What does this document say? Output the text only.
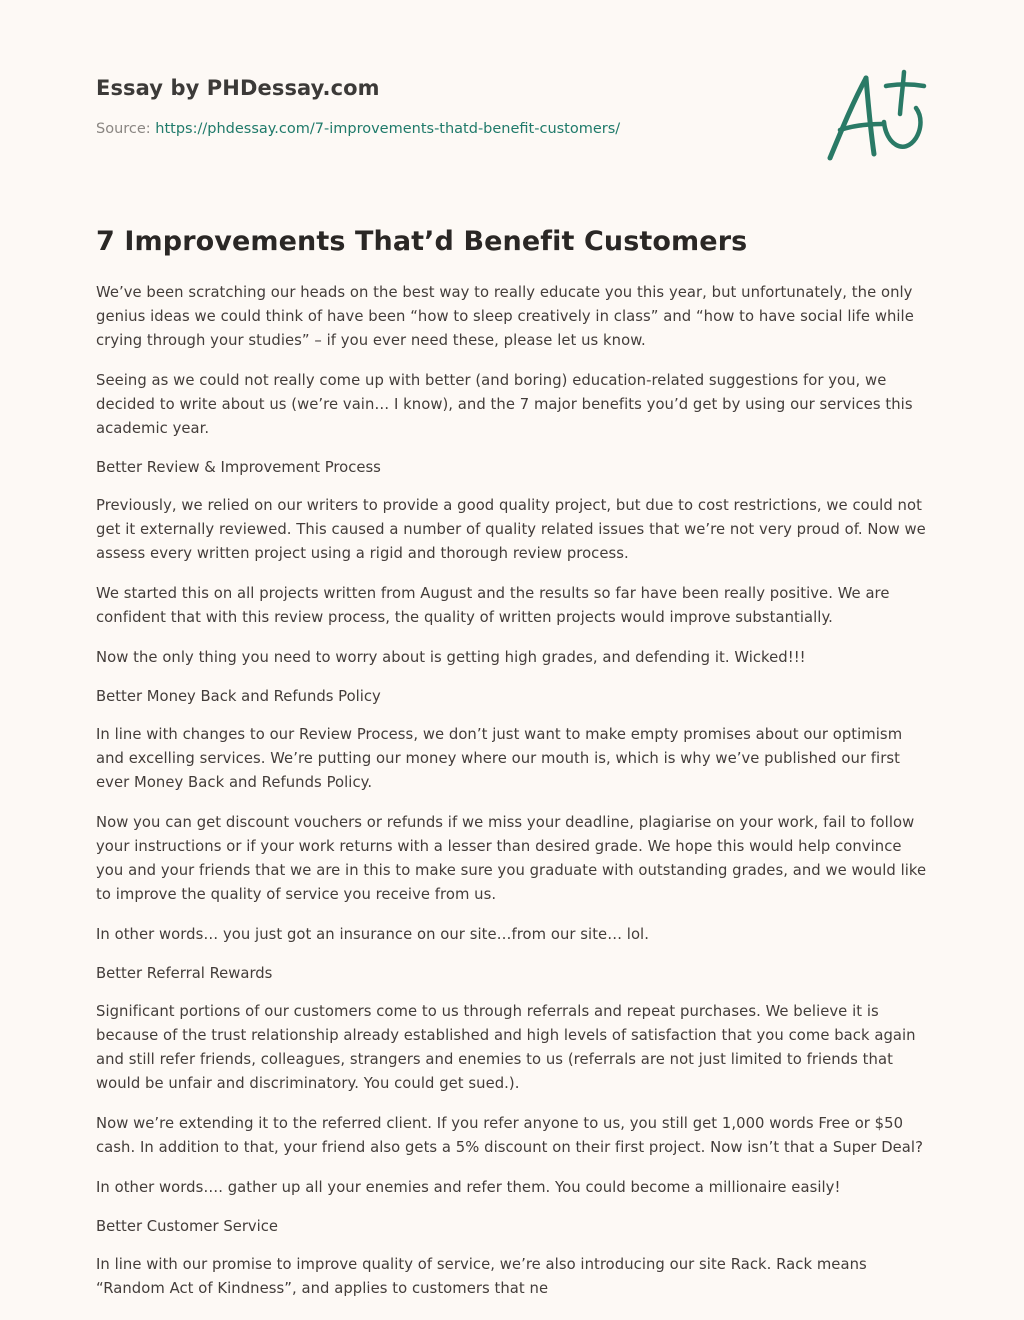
Essay by PHDessay.com
Source: https://phdessay.com/7-improvements-thatd-benefit-customers/
7 Improvements That’d Benefit Customers

We’ve been scratching our heads on the best way to really educate you this year, but unfortunately, the only genius ideas we could think of have been “how to sleep creatively in class” and “how to have social life while crying through your studies” – if you ever need these, please let us know.

Seeing as we could not really come up with better (and boring) education-related suggestions for you, we decided to write about us (we’re vain… I know), and the 7 major benefits you’d get by using our services this academic year.

Better Review & Improvement Process

Previously, we relied on our writers to provide a good quality project, but due to cost restrictions, we could not get it externally reviewed. This caused a number of quality related issues that we’re not very proud of. Now we assess every written project using a rigid and thorough review process.

We started this on all projects written from August and the results so far have been really positive. We are confident that with this review process, the quality of written projects would improve substantially.

Now the only thing you need to worry about is getting high grades, and defending it. Wicked!!!

Better Money Back and Refunds Policy

In line with changes to our Review Process, we don’t just want to make empty promises about our optimism and excelling services. We’re putting our money where our mouth is, which is why we’ve published our first ever Money Back and Refunds Policy.

Now you can get discount vouchers or refunds if we miss your deadline, plagiarise on your work, fail to follow your instructions or if your work returns with a lesser than desired grade. We hope this would help convince you and your friends that we are in this to make sure you graduate with outstanding grades, and we would like to improve the quality of service you receive from us.

In other words… you just got an insurance on our site…from our site… lol.

Better Referral Rewards

Significant portions of our customers come to us through referrals and repeat purchases. We believe it is because of the trust relationship already established and high levels of satisfaction that you come back again and still refer friends, colleagues, strangers and enemies to us (referrals are not just limited to friends that would be unfair and discriminatory. You could get sued.).

Now we’re extending it to the referred client. If you refer anyone to us, you still get 1,000 words Free or $50 cash. In addition to that, your friend also gets a 5% discount on their first project. Now isn’t that a Super Deal?

In other words…. gather up all your enemies and refer them. You could become a millionaire easily!

Better Customer Service

In line with our promise to improve quality of service, we’re also introducing our site Rack. Rack means “Random Act of Kindness”, and applies to customers that ne
